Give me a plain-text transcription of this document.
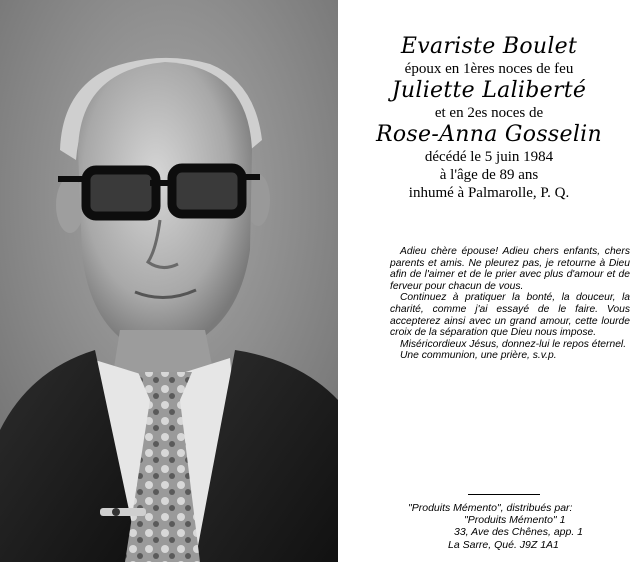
Evariste Boulet
époux en 1ères noces de feu
Juliette Laliberté
et en 2es noces de
Rose-Anna Gosselin
décédé le 5 juin 1984
à l'âge de 89 ans
inhumé à Palmarolle, P. Q.

Adieu chère épouse! Adieu chers enfants, chers parents et amis. Ne pleurez pas, je retourne à Dieu afin de l'aimer et de le prier avec plus d'amour et de ferveur pour chacun de vous.

Continuez à pratiquer la bonté, la douceur, la charité, comme j'ai essayé de le faire. Vous accepterez ainsi avec un grand amour, cette lourde croix de la séparation que Dieu nous impose.

Miséricordieux Jésus, donnez-lui le repos éternel.

Une communion, une prière, s.v.p.

"Produits Mémento", distribués par:
"Produits Mémento" 1
33, Ave des Chênes, app. 1
La Sarre, Qué. J9Z 1A1
